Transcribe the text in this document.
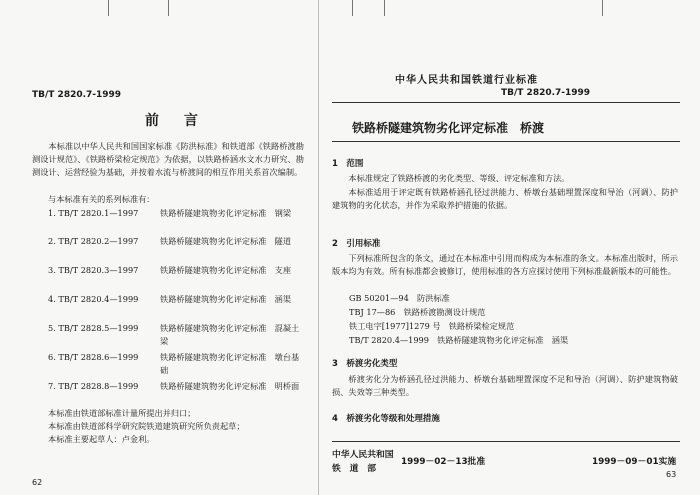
TB/T 2820.7-1999
前 言
本标准以中华人民共和国国家标准《防洪标准》和铁道部《铁路桥渡勘测设计规范》、《铁路桥梁检定规范》为依据，以铁路桥涵水文水力研究、勘测设计、运营经验为基础，并按着水流与桥渡间的相互作用关系首次编制。
与本标准有关的系列标准有：
1. TB/T 2820.1—1997	铁路桥隧建筑物劣化评定标准　钢梁
2. TB/T 2820.2—1997	铁路桥隧建筑物劣化评定标准　隧道
3. TB/T 2820.3—1997	铁路桥隧建筑物劣化评定标准　支座
4. TB/T 2820.4—1999	铁路桥隧建筑物劣化评定标准　涵渠
5. TB/T 2828.5—1999	铁路桥隧建筑物劣化评定标准　混凝土梁
6. TB/T 2828.6—1999	铁路桥隧建筑物劣化评定标准　墩台基础
7. TB/T 2828.8—1999	铁路桥隧建筑物劣化评定标准　明桥面
本标准由铁道部标准计量所提出并归口；
本标准由铁道部科学研究院铁道建筑研究所负责起草；
本标准主要起草人：卢金利。
62
中华人民共和国铁道行业标准
TB/T 2820.7-1999
铁路桥隧建筑物劣化评定标准　桥渡
1　范围
本标准规定了铁路桥渡的劣化类型、等级、评定标准和方法。
本标准适用于评定既有铁路桥涵孔径过洪能力、桥墩台基础埋置深度和导治（河调）、防护建筑物的劣化状态，并作为采取养护措施的依据。
2　引用标准
下列标准所包含的条文，通过在本标准中引用而构成为本标准的条文。本标准出版时，所示版本均为有效。所有标准都会被修订，使用标准的各方应探讨使用下列标准最新版本的可能性。
GB 50201—94　防洪标准
TBJ 17—86　铁路桥渡勘测设计规范
铁工电字[1977]1279 号　铁路桥梁检定规范
TB/T 2820.4—1999　铁路桥隧建筑物劣化评定标准　涵渠
3　桥渡劣化类型
桥渡劣化分为桥涵孔径过洪能力、桥墩台基础埋置深度不足和导治（河调）、防护建筑物破损、失效等三种类型。
4　桥渡劣化等级和处理措施
中华人民共和国
铁　道　部
1999－02－13批准	1999－09－01实施
63
